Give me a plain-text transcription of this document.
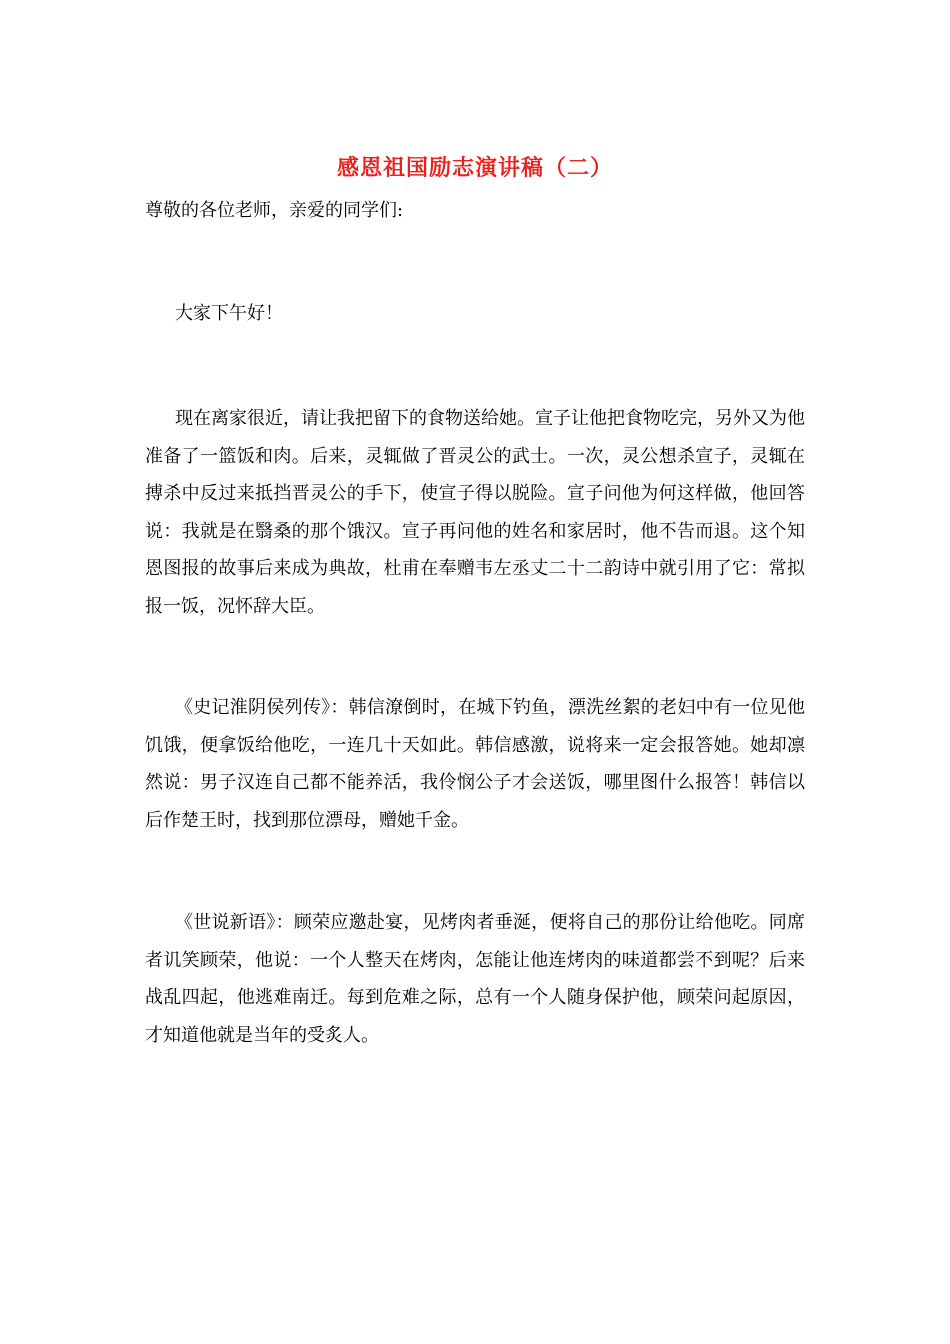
感恩祖国励志演讲稿（二）

尊敬的各位老师，亲爱的同学们:

大家下午好！

现在离家很近，请让我把留下的食物送给她。宣子让他把食物吃完，另外又为他准备了一篮饭和肉。后来，灵辄做了晋灵公的武士。一次，灵公想杀宣子，灵辄在搏杀中反过来抵挡晋灵公的手下，使宣子得以脱险。宣子问他为何这样做，他回答说：我就是在翳桑的那个饿汉。宣子再问他的姓名和家居时，他不告而退。这个知恩图报的故事后来成为典故，杜甫在奉赠韦左丞丈二十二韵诗中就引用了它：常拟报一饭，况怀辞大臣。

《史记淮阴侯列传》：韩信潦倒时，在城下钓鱼，漂洗丝絮的老妇中有一位见他饥饿，便拿饭给他吃，一连几十天如此。韩信感激，说将来一定会报答她。她却凛然说：男子汉连自己都不能养活，我伶悯公子才会送饭，哪里图什么报答！韩信以后作楚王时，找到那位漂母，赠她千金。

《世说新语》：顾荣应邀赴宴，见烤肉者垂涎，便将自己的那份让给他吃。同席者讥笑顾荣，他说：一个人整天在烤肉，怎能让他连烤肉的味道都尝不到呢？后来战乱四起，他逃难南迁。每到危难之际，总有一个人随身保护他，顾荣问起原因，才知道他就是当年的受炙人。
